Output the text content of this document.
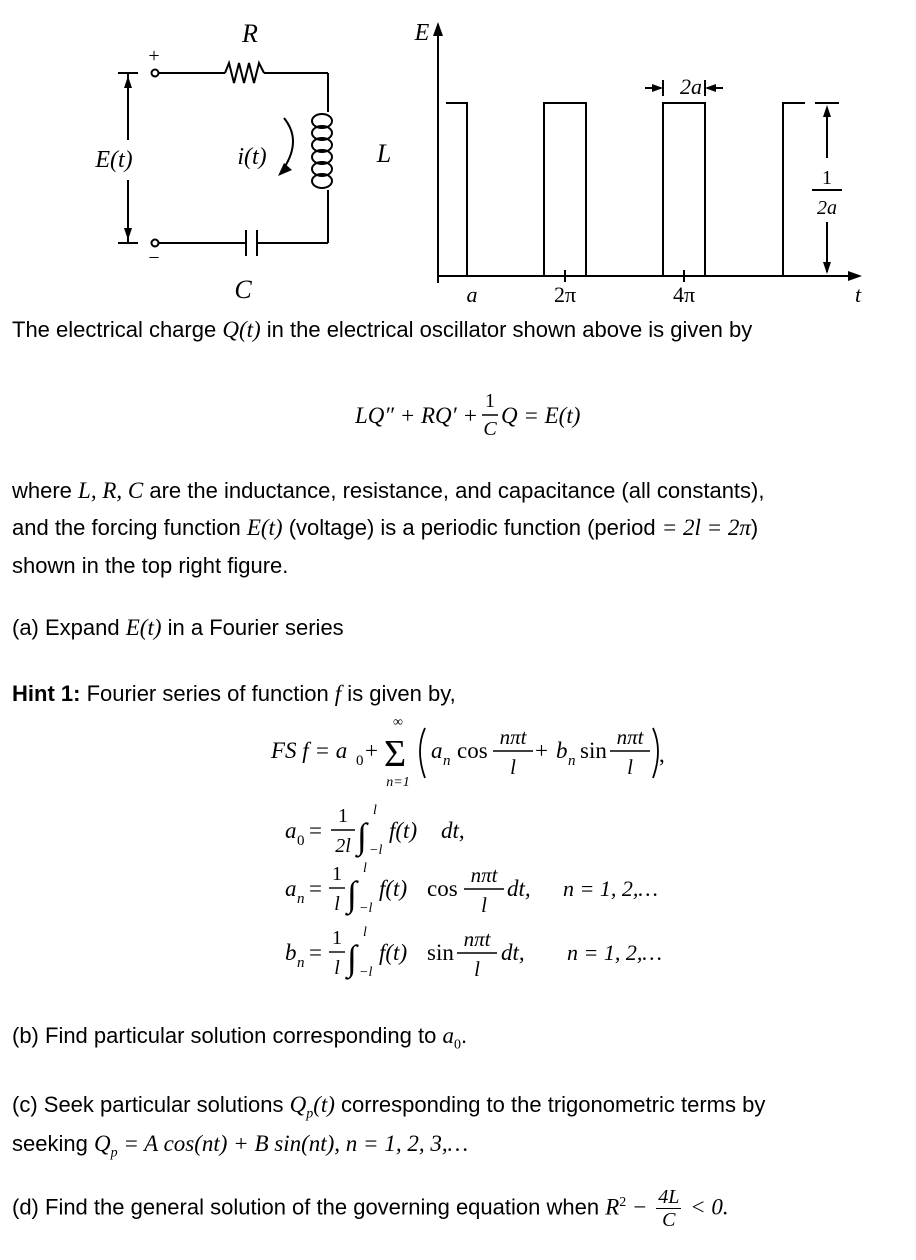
+
−
R
L
C
E(t)	i(t)
E
t
a	2π	4π
2a
1
2a
The electrical charge Q(t) in the electrical oscillator shown above is given by
LQ″ + RQ′ +
1
C
Q = E(t)
where L, R, C are the inductance, resistance, and capacitance (all constants),
and the forcing function E(t) (voltage) is a periodic function (period = 2l = 2π)
shown in the top right figure.
(a) Expand E(t) in a Fourier series
Hint 1: Fourier series of function f is given by,
FS f = a 0 + Σ
∞
n=1
a n cos
nπt
l
+ b n sin
nπt
l ,
a 0 =
1
2l ∫
l
−l
f(t) dt,
a n =
1
l ∫
l
−l
f(t) cos
nπt
l
dt, n = 1, 2,…
b n =
1
l ∫
l
−l
f(t) sin
nπt
l
dt, n = 1, 2,…
(b) Find particular solution corresponding to $a_0$.
(c) Seek particular solutions $Q_p(t)$ corresponding to the trigonometric terms by
seeking $Q_p = A$ cos(nt) + B sin(nt), n = 1, 2, 3,…
(d) Find the general solution of the governing equation when $R^2 - \frac{4L}{C} < 0$.
